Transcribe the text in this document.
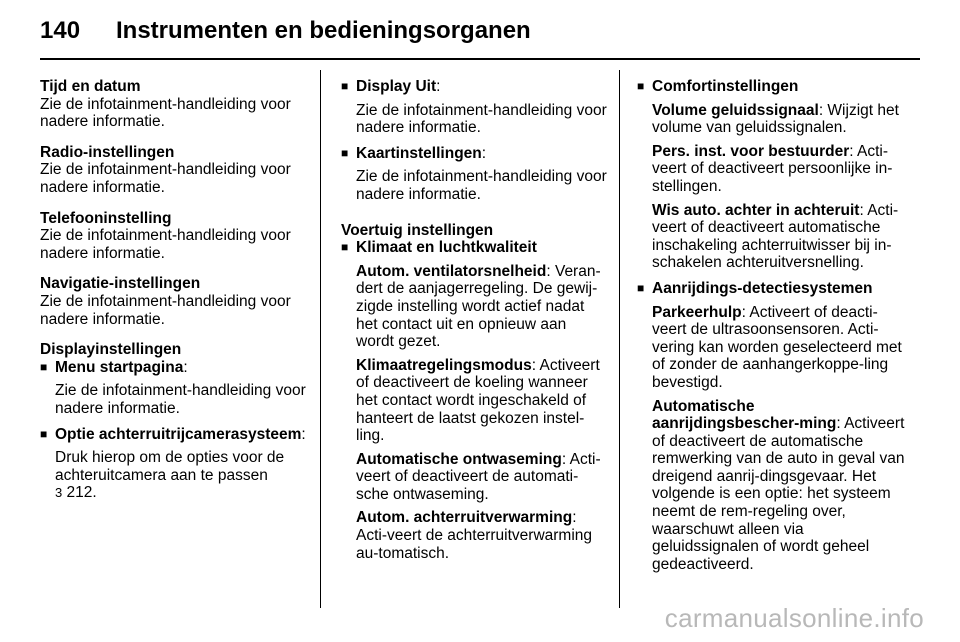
140 Instrumenten en bedieningsorganen
Tijd en datum
Zie de infotainment-handleiding voor nadere informatie.
Radio-instellingen
Zie de infotainment-handleiding voor nadere informatie.
Telefooninstelling
Zie de infotainment-handleiding voor nadere informatie.
Navigatie-instellingen
Zie de infotainment-handleiding voor nadere informatie.
Displayinstellingen
■ Menu startpagina:
Zie de infotainment-handleiding voor nadere informatie.
■ Optie achterruitrijcamerasysteem:
Druk hierop om de opties voor de achteruitcamera aan te passen
3 212.
■ Display Uit:
Zie de infotainment-handleiding voor nadere informatie.
■ Kaartinstellingen:
Zie de infotainment-handleiding voor nadere informatie.
Voertuig instellingen
■ Klimaat en luchtkwaliteit
Autom. ventilatorsnelheid: Veran-dert de aanjagerregeling. De gewij-zigde instelling wordt actief nadat het contact uit en opnieuw aan wordt gezet.
Klimaatregelingsmodus: Activeert of deactiveert de koeling wanneer het contact wordt ingeschakeld of hanteert de laatst gekozen instel-ling.
Automatische ontwaseming: Acti-veert of deactiveert de automati-sche ontwaseming.
Autom. achterruitverwarming: Acti-veert de achterruitverwarming au-tomatisch.
■ Comfortinstellingen
Volume geluidssignaal: Wijzigt het volume van geluidssignalen.
Pers. inst. voor bestuurder: Acti-veert of deactiveert persoonlijke in-stellingen.
Wis auto. achter in achteruit: Acti-veert of deactiveert automatische inschakeling achterruitwisser bij in-schakelen achteruitversnelling.
■ Aanrijdings-detectiesystemen
Parkeerhulp: Activeert of deacti-veert de ultrasoonsensoren. Acti-vering kan worden geselecteerd met of zonder de aanhangerkoppe-ling bevestigd.
Automatische aanrijdingsbescher-ming: Activeert of deactiveert de automatische remwerking van de auto in geval van dreigend aanrij-dingsgevaar. Het volgende is een optie: het systeem neemt de rem-regeling over, waarschuwt alleen via geluidssignalen of wordt geheel gedeactiveerd.
carmanualsonline.info
